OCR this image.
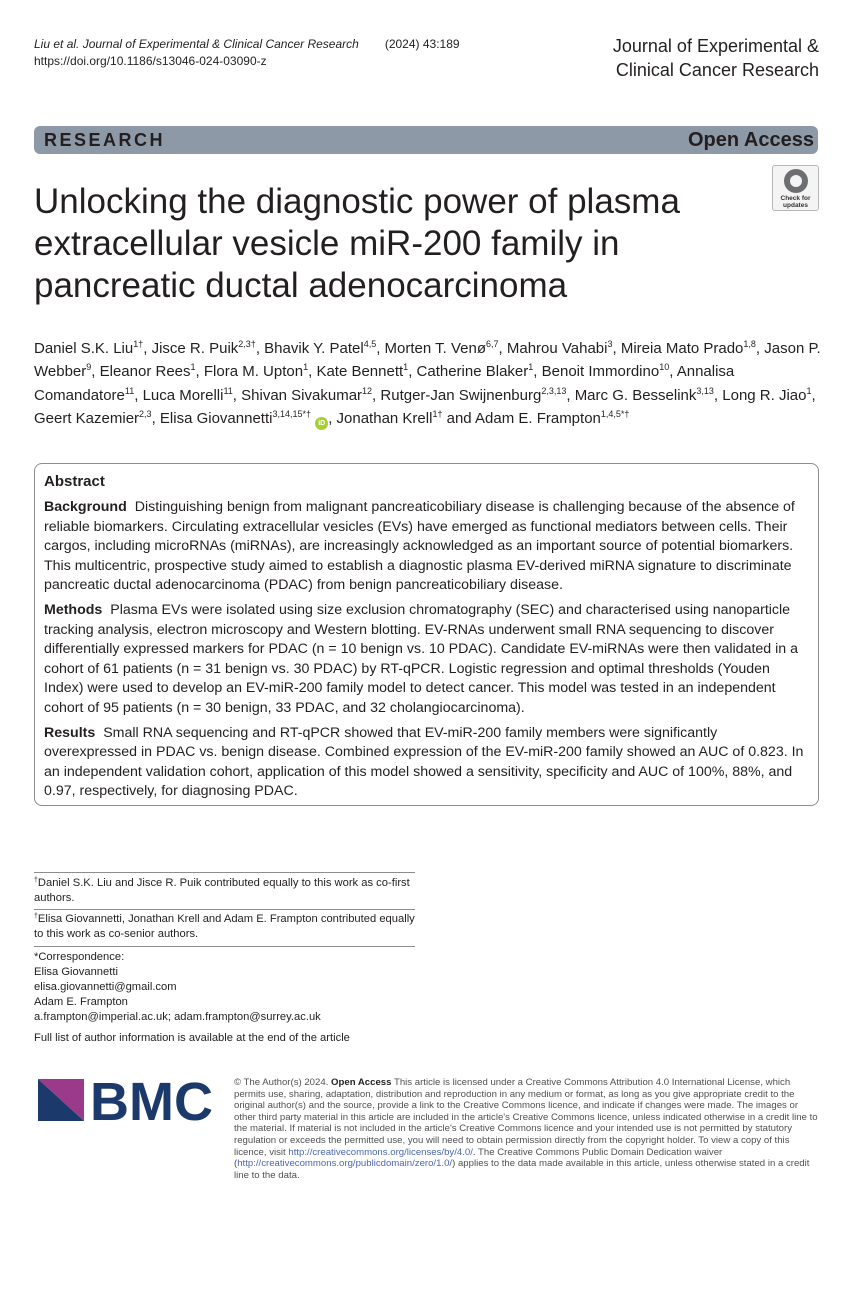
Liu et al. Journal of Experimental & Clinical Cancer Research (2024) 43:189
https://doi.org/10.1186/s13046-024-03090-z
Journal of Experimental &
Clinical Cancer Research
RESEARCH	Open Access
Unlocking the diagnostic power of plasma extracellular vesicle miR-200 family in pancreatic ductal adenocarcinoma
Check for
updates
Daniel S.K. Liu$^{1\dagger}$, Jisce R. Puik$^{2,3\dagger}$, Bhavik Y. Patel$^{4,5}$, Morten T. Venø$^{6,7}$, Mahrou Vahabi$^3$, Mireia Mato Prado$^{1,8}$, Jason P. Webber$^9$, Eleanor Rees$^1$, Flora M. Upton$^1$, Kate Bennett$^1$, Catherine Blaker$^1$, Benoit Immordino$^{10}$, Annalisa Comandatore$^{11}$, Luca Morelli$^{11}$, Shivan Sivakumar$^{12}$, Rutger-Jan Swijnenburg$^{2,3,13}$, Marc G. Besselink$^{3,13}$, Long R. Jiao$^1$, Geert Kazemier$^{2,3}$, Elisa Giovannetti$^{3,14,15*\dagger}$ iD , Jonathan Krell$^{1\dagger}$ and Adam E. Frampton$^{1,4,5*\dagger}$
Abstract

Background Distinguishing benign from malignant pancreaticobiliary disease is challenging because of the absence of reliable biomarkers. Circulating extracellular vesicles (EVs) have emerged as functional mediators between cells. Their cargos, including microRNAs (miRNAs), are increasingly acknowledged as an important source of potential biomarkers. This multicentric, prospective study aimed to establish a diagnostic plasma EV-derived miRNA signature to discriminate pancreatic ductal adenocarcinoma (PDAC) from benign pancreaticobiliary disease.

Methods Plasma EVs were isolated using size exclusion chromatography (SEC) and characterised using nanoparticle tracking analysis, electron microscopy and Western blotting. EV-RNAs underwent small RNA sequencing to discover differentially expressed markers for PDAC (n = 10 benign vs. 10 PDAC). Candidate EV-miRNAs were then validated in a cohort of 61 patients (n = 31 benign vs. 30 PDAC) by RT-qPCR. Logistic regression and optimal thresholds (Youden Index) were used to develop an EV-miR-200 family model to detect cancer. This model was tested in an independent cohort of 95 patients (n = 30 benign, 33 PDAC, and 32 cholangiocarcinoma).

Results Small RNA sequencing and RT-qPCR showed that EV-miR-200 family members were significantly overexpressed in PDAC vs. benign disease. Combined expression of the EV-miR-200 family showed an AUC of 0.823. In an independent validation cohort, application of this model showed a sensitivity, specificity and AUC of 100%, 88%, and 0.97, respectively, for diagnosing PDAC.

†Daniel S.K. Liu and Jisce R. Puik contributed equally to this work as co-first authors.
†Elisa Giovannetti, Jonathan Krell and Adam E. Frampton contributed equally to this work as co-senior authors.
*Correspondence:
Elisa Giovannetti
elisa.giovannetti@gmail.com
Adam E. Frampton
a.frampton@imperial.ac.uk; adam.frampton@surrey.ac.uk
Full list of author information is available at the end of the article
BMC © The Author(s) 2024. Open Access This article is licensed under a Creative Commons Attribution 4.0 International License, which permits use, sharing, adaptation, distribution and reproduction in any medium or format, as long as you give appropriate credit to the original author(s) and the source, provide a link to the Creative Commons licence, and indicate if changes were made. The images or other third party material in this article are included in the article's Creative Commons licence, unless indicated otherwise in a credit line to the material. If material is not included in the article's Creative Commons licence and your intended use is not permitted by statutory regulation or exceeds the permitted use, you will need to obtain permission directly from the copyright holder. To view a copy of this licence, visit http://creativecommons.org/licenses/by/4.0/. The Creative Commons Public Domain Dedication waiver (http://creativecommons.org/publicdomain/zero/1.0/) applies to the data made available in this article, unless otherwise stated in a credit line to the data.
